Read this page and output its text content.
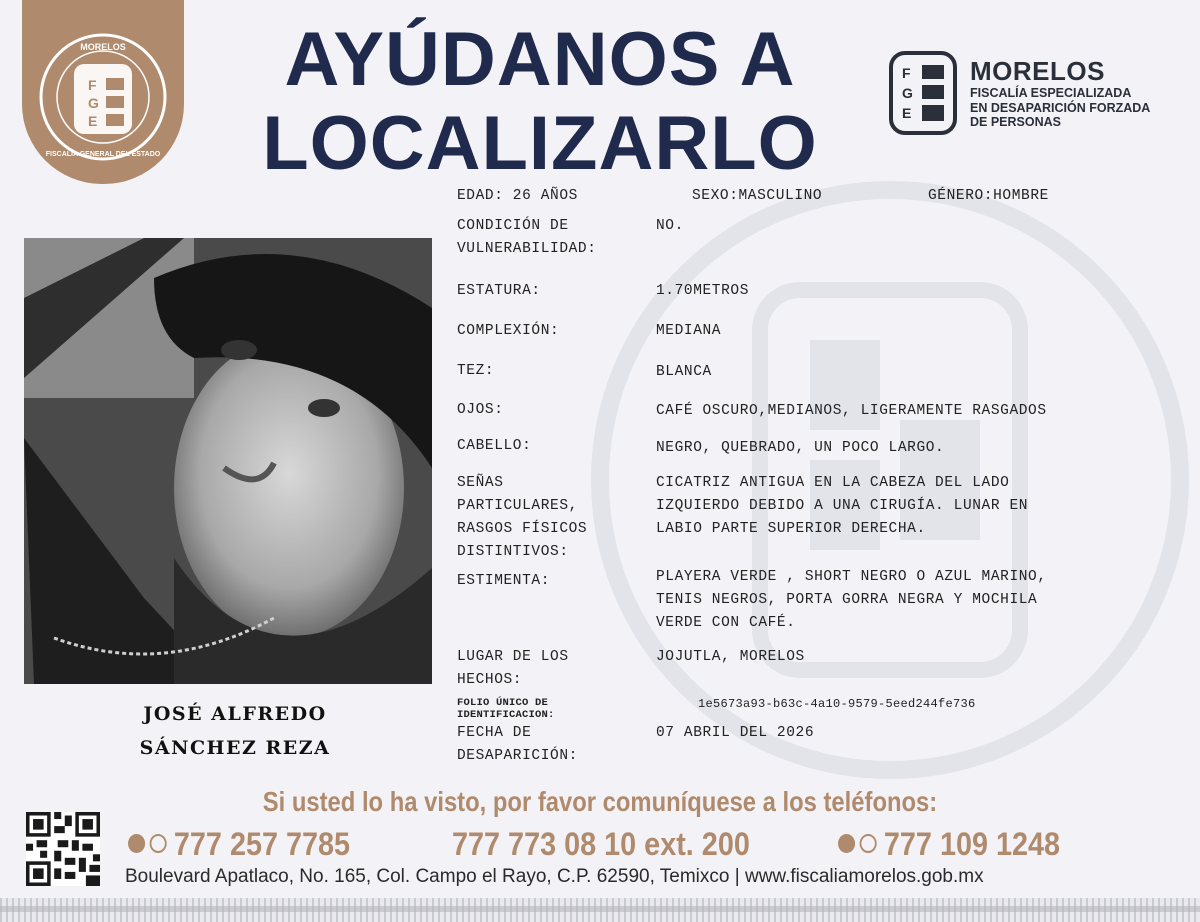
F
G
E
MORELOS
FISCALÍA GENERAL DEL ESTADO
AYÚDANOS A
LOCALIZARLO
F
G
E
MORELOS
FISCALÍA ESPECIALIZADA
EN DESAPARICIÓN FORZADA
DE PERSONAS
JOSÉ ALFREDO
SÁNCHEZ REZA
EDAD: 26 AÑOS	SEXO:MASCULINO	GÉNERO:HOMBRE
CONDICIÓN DE
VULNERABILIDAD:
NO.
ESTATURA:	1.70METROS
COMPLEXIÓN:	MEDIANA
TEZ:	BLANCA
OJOS:	CAFÉ OSCURO,MEDIANOS, LIGERAMENTE RASGADOS
CABELLO:	NEGRO, QUEBRADO, UN POCO LARGO.
SEÑAS
PARTICULARES,
RASGOS FÍSICOS
DISTINTIVOS:
CICATRIZ ANTIGUA EN LA CABEZA DEL LADO
IZQUIERDO DEBIDO A UNA CIRUGÍA. LUNAR EN
LABIO PARTE SUPERIOR DERECHA.
ESTIMENTA:	PLAYERA VERDE , SHORT NEGRO O AZUL MARINO,
TENIS NEGROS, PORTA GORRA NEGRA Y MOCHILA
VERDE CON CAFÉ.
LUGAR DE LOS
HECHOS:
JOJUTLA, MORELOS
FOLIO ÚNICO DE
IDENTIFICACION:
1e5673a93-b63c-4a10-9579-5eed244fe736
FECHA DE
DESAPARICIÓN:
07 ABRIL DEL 2026
Si usted lo ha visto, por favor comuníquese a los teléfonos:
777 257 7785	777 773 08 10 ext. 200	777 109 1248
Boulevard Apatlaco, No. 165, Col. Campo el Rayo, C.P. 62590, Temixco | www.fiscaliamorelos.gob.mx
